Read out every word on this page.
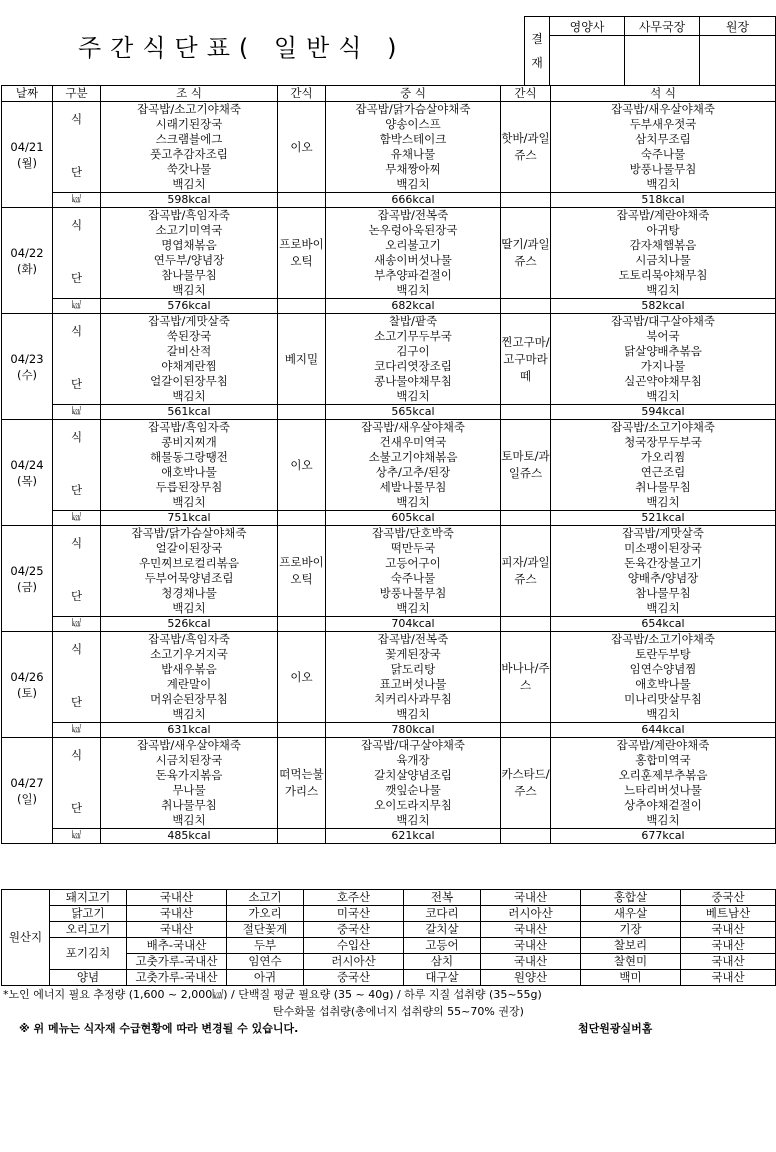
주간식단표( 일반식 )	결
재	영양사	사무국장	원장

날짜	구분	조 식	간식	중 식	간식	석 식
04/21
(월)	식	잡곡밥/소고기야채죽	이오	잡곡밥/닭가슴살야채죽	핫바/과일쥬스	잡곡밥/새우살야채죽
		시래기된장국		양송이스프		두부새우젓국
		스크램블에그		함박스테이크		삼치무조림
	단	풋고추감자조림		유채나물		숙주나물
		쑥갓나물		무채짱아찌		방풍나물무침
		백김치		백김치		백김치
	㎉	598kcal		666kcal		518kcal
04/22
(화)	식	잡곡밥/흑임자죽	프로바이오틱	잡곡밥/전복죽	딸기/과일쥬스	잡곡밥/계란야채죽
		소고기미역국		논우렁아욱된장국		아귀탕
		명엽채볶음		오리불고기		감자채햄볶음
	단	연두부/양념장		새송이버섯나물		시금치나물
		참나물무침		부추양파겉절이		도토리묵야채무침
		백김치		백김치		백김치
	㎉	576kcal		682kcal		582kcal
04/23
(수)	식	잡곡밥/게맛살죽	베지밀	찰밥/팥죽	찐고구마/고구마라떼	잡곡밥/대구살야채죽
		쑥된장국		소고기무두부국		북어국
		갈비산적		김구이		닭살양배추볶음
	단	야채계란찜		코다리엿장조림		가지나물
		얼갈이된장무침		콩나물야채무침		실곤약야채무침
		백김치		백김치		백김치
	㎉	561kcal		565kcal		594kcal
04/24
(목)	식	잡곡밥/흑임자죽	이오	잡곡밥/새우살야채죽	토마토/과일쥬스	잡곡밥/소고기야채죽
		콩비지찌개		건새우미역국		청국장무두부국
		해물동그랑땡전		소불고기야채볶음		가오리찜
	단	애호박나물		상추/고추/된장		연근조림
		두릅된장무침		세발나물무침		취나물무침
		백김치		백김치		백김치
	㎉	751kcal		605kcal		521kcal
04/25
(금)	식	잡곡밥/닭가슴살야채죽	프로바이오틱	잡곡밥/단호박죽	피자/과일쥬스	잡곡밥/게맛살죽
		얼갈이된장국		떡만두국		미소팽이된장국
		우민찌브로컬리볶음		고등어구이		돈육간장불고기
	단	두부어묵양념조림		숙주나물		양배추/양념장
		청경채나물		방풍나물무침		참나물무침
		백김치		백김치		백김치
	㎉	526kcal		704kcal		654kcal
04/26
(토)	식	잡곡밥/흑임자죽	이오	잡곡밥/전복죽	바나나/주스	잡곡밥/소고기야채죽
		소고기우거지국		꽃게된장국		토란두부탕
		밥새우볶음		닭도리탕		임연수양념찜
	단	계란말이		표고버섯나물		애호박나물
		머위순된장무침		치커리사과무침		미나리맛살무침
		백김치		백김치		백김치
	㎉	631kcal		780kcal		644kcal
04/27
(일)	식	잡곡밥/새우살야채죽	떠먹는불가리스	잡곡밥/대구살야채죽	카스타드/주스	잡곡밥/계란야채죽
		시금치된장국		육개장		홍합미역국
		돈육가지볶음		갈치살양념조림		오리훈제부추볶음
	단	무나물		깻잎순나물		느타리버섯나물
		취나물무침		오이도라지무침		상추야채겉절이
		백김치		백김치		백김치
	㎉	485kcal		621kcal		677kcal
원산지	돼지고기	국내산	소고기	호주산	전복	국내산	홍합살	중국산
	닭고기	국내산	가오리	미국산	코다리	러시아산	새우살	베트남산
	오리고기	국내산	절단꽃게	중국산	갈치살	국내산	기장	국내산
	포기김치	배추-국내산	두부	수입산	고등어	국내산	찰보리	국내산
		고춧가루-국내산	임연수	러시아산	삼치	국내산	찰현미	국내산
	양념	고춧가루-국내산	아귀	중국산	대구살	원양산	백미	국내산
*노인 에너지 필요 추정량 (1,600 ~ 2,000㎉) / 단백질 평균 필요량 (35 ~ 40g) / 하루 지질 섭취량 (35~55g)
탄수화물 섭취량(총에너지 섭취량의 55~70% 권장)
※ 위 메뉴는 식자재 수급현황에 따라 변경될 수 있습니다.	첨단원광실버홈
